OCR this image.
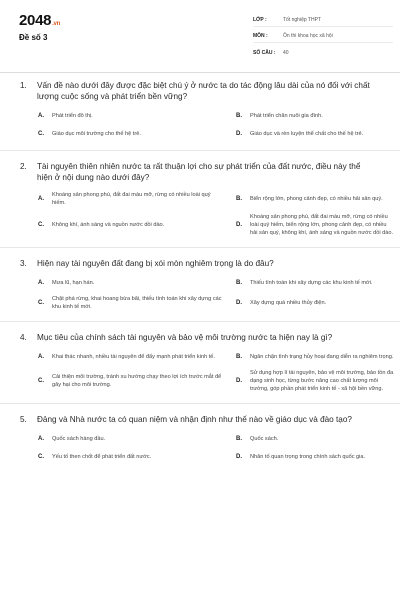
2048.vn
Đề số 3
LỚP :	Tốt nghiệp THPT
MÔN :	Ôn thi khoa học xã hội
SỐ CÂU :	40
1.	Vấn đề nào dưới đây được đặc biệt chú ý ở nước ta do tác động lâu dài của nó đối với chất lượng cuộc sống và phát triển bền vững?
A.	Phát triển đô thị.	B.	Phát triển chăn nuôi gia đình.
C.	Giáo dục môi trường cho thế hệ trẻ.	D.	Giáo dục và rèn luyện thể chất cho thế hệ trẻ.
2.	Tài nguyên thiên nhiên nước ta rất thuận lợi cho sự phát triển của đất nước, điều này thể hiện ở nội dung nào dưới đây?
A.
Khoáng sản phong phú, đất đai màu mỡ, rừng có nhiều loài quý hiếm.
B.	Biển rộng lớn, phong cảnh đẹp, có nhiều hải sản quý.
C.	Không khí, ánh sáng và nguồn nước dồi dào.	D.
Khoáng sản phong phú, đất đai màu mỡ, rừng có nhiều loài quý hiếm, biển rộng lớn, phong cảnh đẹp, có nhiều hải sản quý, không khí, ánh sáng và nguồn nước dồi dào.
3.	Hiện nay tài nguyên đất đang bị xói mòn nghiêm trọng là do đâu?
A.	Mưa lũ, hạn hán.	B.	Thiếu tính toán khi xây dựng các khu kinh tế mới.
C.
Chặt phá rừng, khai hoang bừa bãi, thiếu tính toán khi xây dựng các khu kinh tế mới.
D.	Xây dựng quá nhiều thủy điện.
4.	Mục tiêu của chính sách tài nguyên và bảo vệ môi trường nước ta hiện nay là gì?
A.	Khai thác nhanh, nhiều tài nguyên để đẩy mạnh phát triển kinh tế.	B.	Ngăn chặn tình trạng hủy hoại đang diễn ra nghiêm trọng.
C.
Cải thiện môi trường, tránh xu hướng chạy theo lợi ích trước mắt để gây hại cho môi trường.
D.
Sử dụng hợp lí tài nguyên, bảo vệ môi trường, bảo tồn đa dạng sinh học, từng bước nâng cao chất lượng môi trường, góp phần phát triển kinh tế - xã hội bền vững.
5.	Đảng và Nhà nước ta có quan niệm và nhận định như thế nào về giáo dục và đào tạo?
A.	Quốc sách hàng đầu.	B.	Quốc sách.
C.	Yếu tố then chốt để phát triển đất nước.	D.	Nhân tố quan trọng trong chính sách quốc gia.
